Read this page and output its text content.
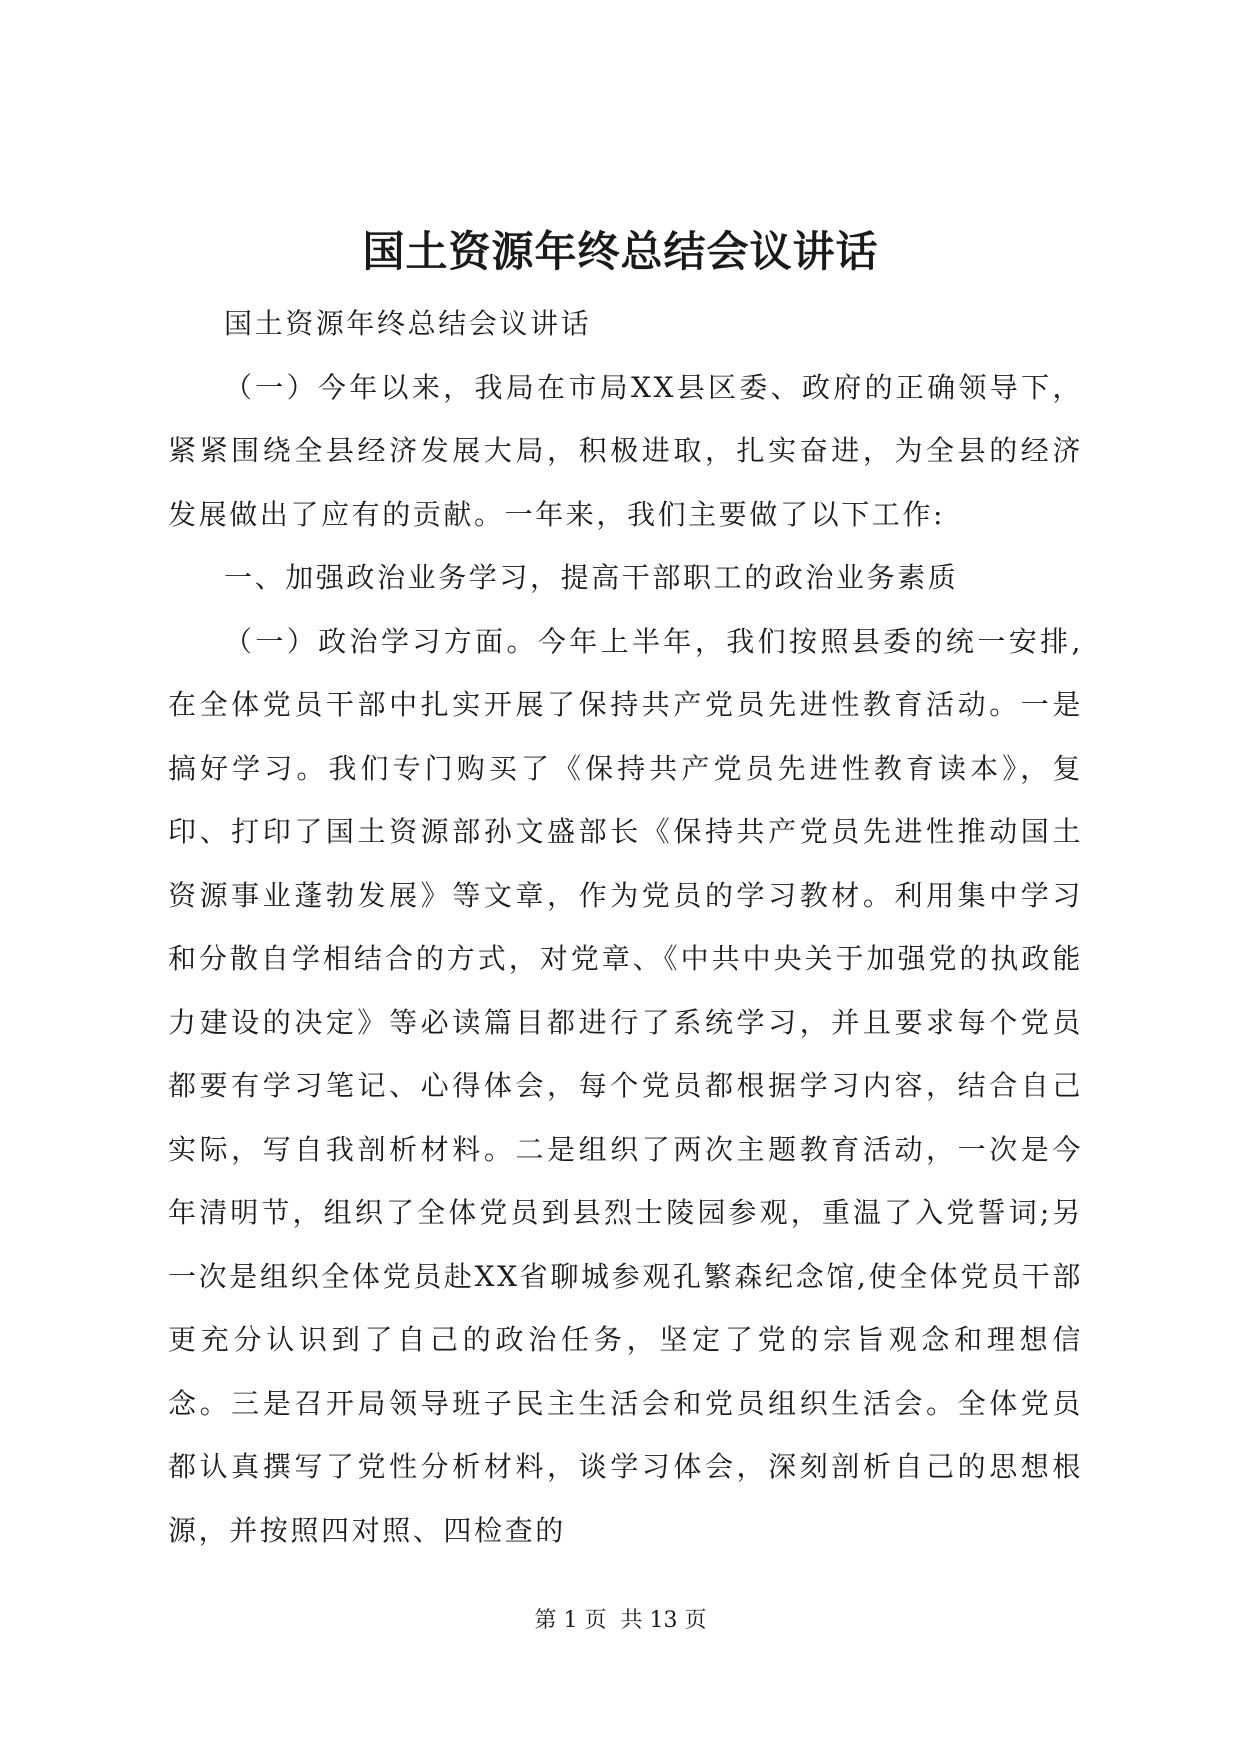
国土资源年终总结会议讲话

国土资源年终总结会议讲话

（一）今年以来，我局在市局XX县区委、政府的正确领导下，紧紧围绕全县经济发展大局，积极进取，扎实奋进，为全县的经济发展做出了应有的贡献。一年来，我们主要做了以下工作:

一、加强政治业务学习，提高干部职工的政治业务素质

（一）政治学习方面。今年上半年，我们按照县委的统一安排,在全体党员干部中扎实开展了保持共产党员先进性教育活动。一是搞好学习。我们专门购买了《保持共产党员先进性教育读本》，复印、打印了国土资源部孙文盛部长《保持共产党员先进性推动国土资源事业蓬勃发展》等文章，作为党员的学习教材。利用集中学习和分散自学相结合的方式，对党章、《中共中央关于加强党的执政能力建设的决定》等必读篇目都进行了系统学习，并且要求每个党员都要有学习笔记、心得体会，每个党员都根据学习内容，结合自己实际，写自我剖析材料。二是组织了两次主题教育活动，一次是今年清明节，组织了全体党员到县烈士陵园参观，重温了入党誓词;另一次是组织全体党员赴XX省聊城参观孔繁森纪念馆,使全体党员干部更充分认识到了自己的政治任务，坚定了党的宗旨观念和理想信念。三是召开局领导班子民主生活会和党员组织生活会。全体党员都认真撰写了党性分析材料，谈学习体会，深刻剖析自己的思想根源，并按照四对照、四检查的

第 1 页 共 13 页
